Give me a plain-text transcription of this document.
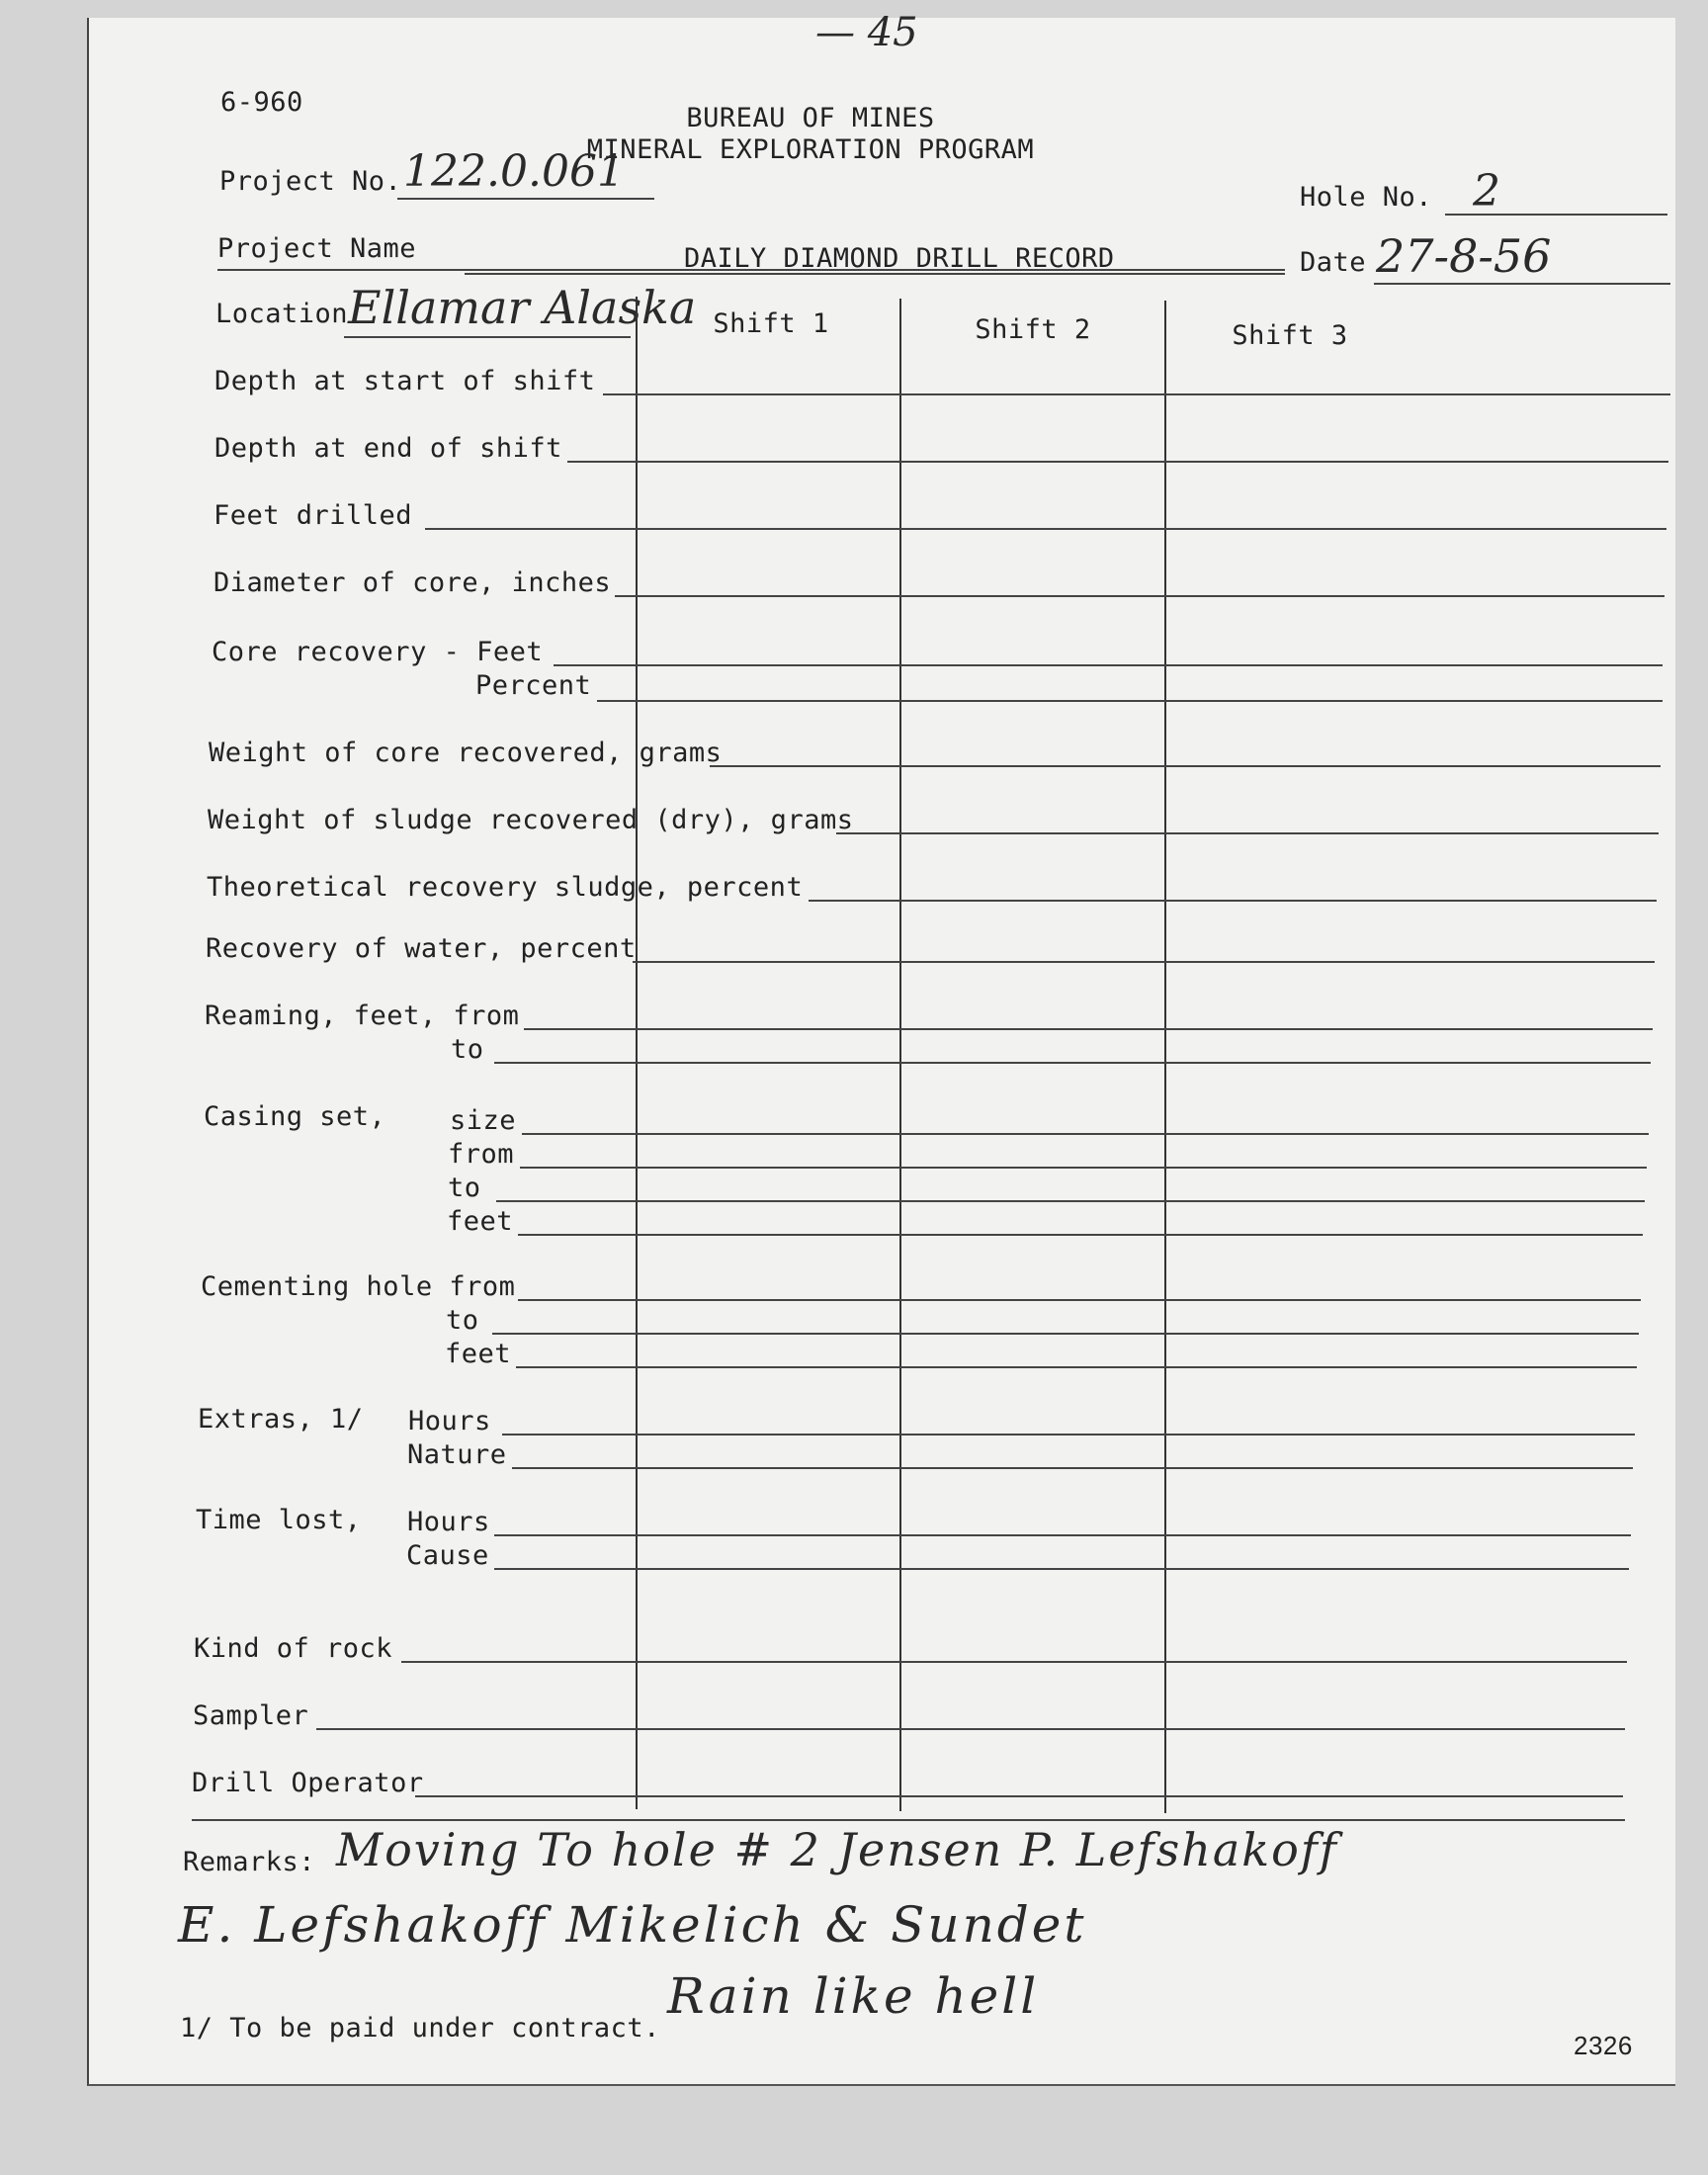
— 45
6-960
BUREAU OF MINES
MINERAL EXPLORATION PROGRAM
Project No. 122.0.061
Hole No. 2
Project Name	DAILY DIAMOND DRILL RECORD	Date 27-8-56
Location Ellamar Alaska Shift 1	Shift 2	Shift 3
Depth at start of shift
Depth at end of shift
Feet drilled
Diameter of core, inches
Core recovery - Feet
Percent
Weight of core recovered, grams
Weight of sludge recovered (dry), grams
Theoretical recovery sludge, percent
Recovery of water, percent
Reaming, feet, from
to
Casing set, size
from
to
feet
Cementing hole from
to
feet
Extras, 1/ Hours
Nature
Time lost, Hours
Cause
Kind of rock
Sampler
Drill Operator
Remarks: Moving To hole # 2 Jensen P. Lefshakoff
E. Lefshakoff Mikelich & Sundet
Rain like hell
1/ To be paid under contract.
2326
